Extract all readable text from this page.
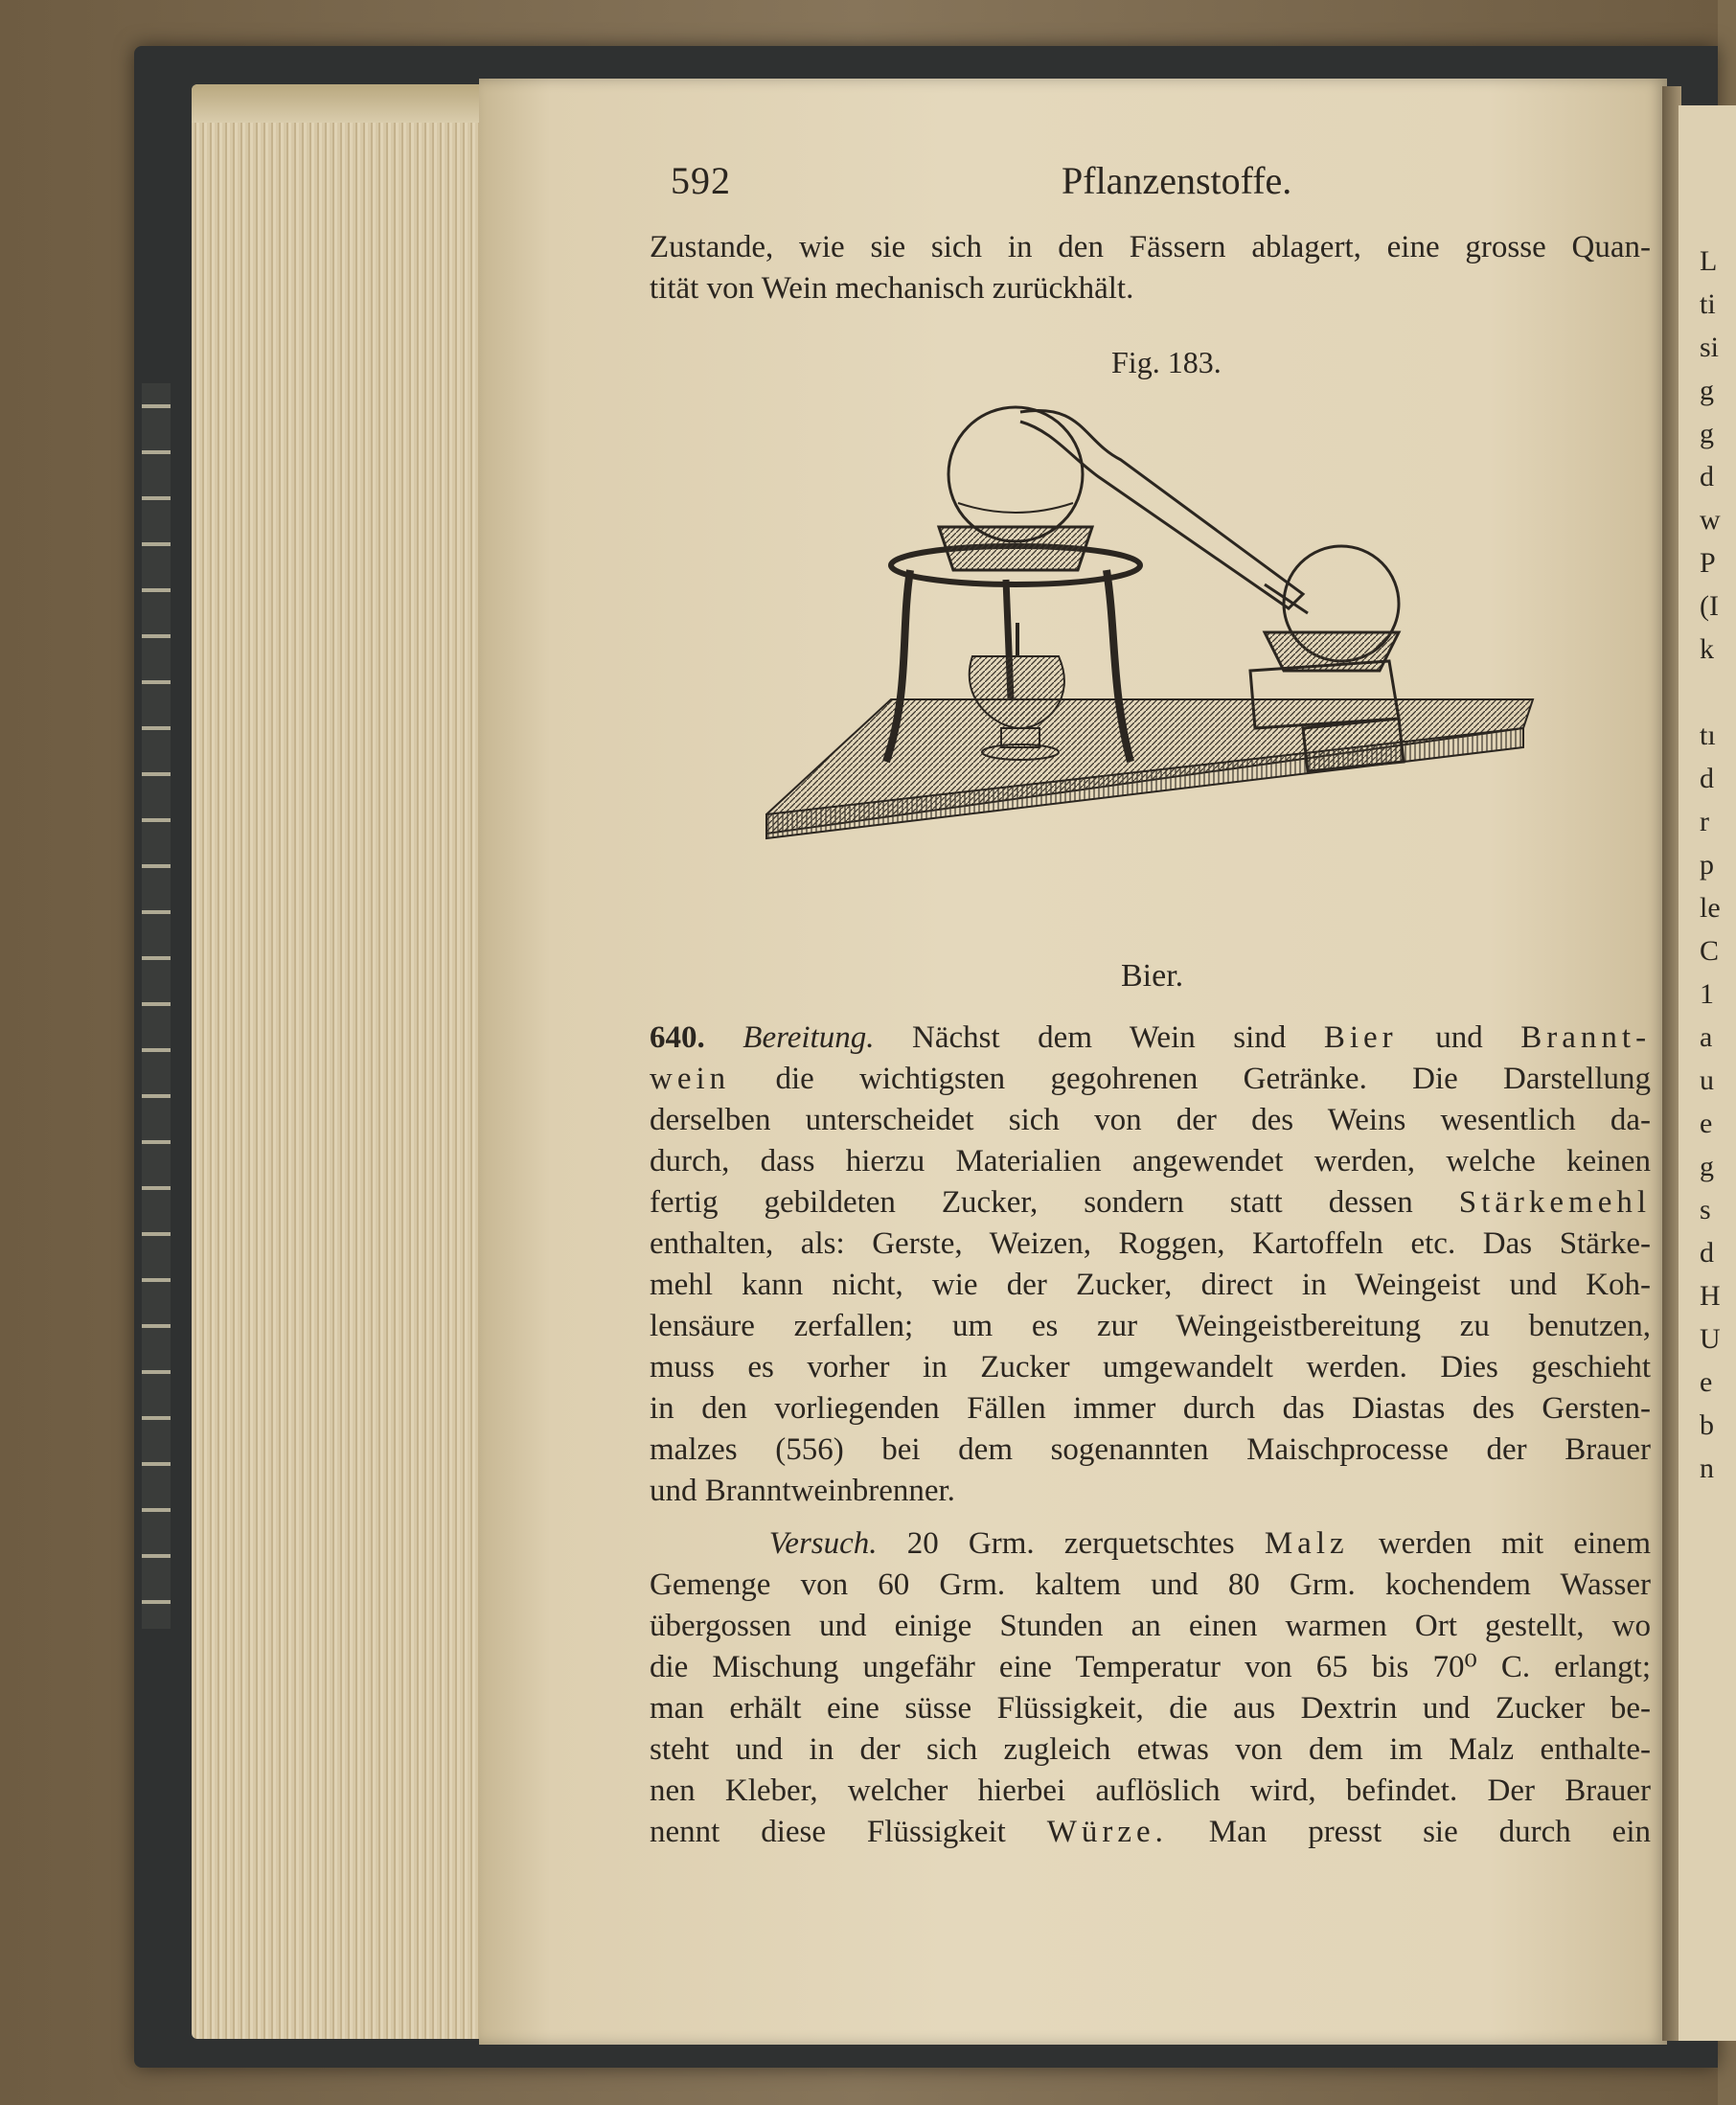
L
ti
si
g
g
d
w
P
(I
k
tı
d
r
p
le
C
1
a
u
e
g
s
d
H
U
e
b
n
592	Pflanzenstoffe.
Zustande, wie sie sich in den Fässern ablagert, eine grosse Quan-
tität von Wein mechanisch zurückhält.
Fig. 183.
Bier.
640. Bereitung. Nächst dem Wein sind Bier und Brannt-
wein die wichtigsten gegohrenen Getränke. Die Darstellung
derselben unterscheidet sich von der des Weins wesentlich da-
durch, dass hierzu Materialien angewendet werden, welche keinen
fertig gebildeten Zucker, sondern statt dessen Stärkemehl
enthalten, als: Gerste, Weizen, Roggen, Kartoffeln etc. Das Stärke-
mehl kann nicht, wie der Zucker, direct in Weingeist und Koh-
lensäure zerfallen; um es zur Weingeistbereitung zu benutzen,
muss es vorher in Zucker umgewandelt werden. Dies geschieht
in den vorliegenden Fällen immer durch das Diastas des Gersten-
malzes (556) bei dem sogenannten Maischprocesse der Brauer
und Branntweinbrenner.
Versuch. 20 Grm. zerquetschtes Malz werden mit einem
Gemenge von 60 Grm. kaltem und 80 Grm. kochendem Wasser
übergossen und einige Stunden an einen warmen Ort gestellt, wo
die Mischung ungefähr eine Temperatur von 65 bis 70⁰ C. erlangt;
man erhält eine süsse Flüssigkeit, die aus Dextrin und Zucker be-
steht und in der sich zugleich etwas von dem im Malz enthalte-
nen Kleber, welcher hierbei auflöslich wird, befindet. Der Brauer
nennt diese Flüssigkeit Würze. Man presst sie durch ein
